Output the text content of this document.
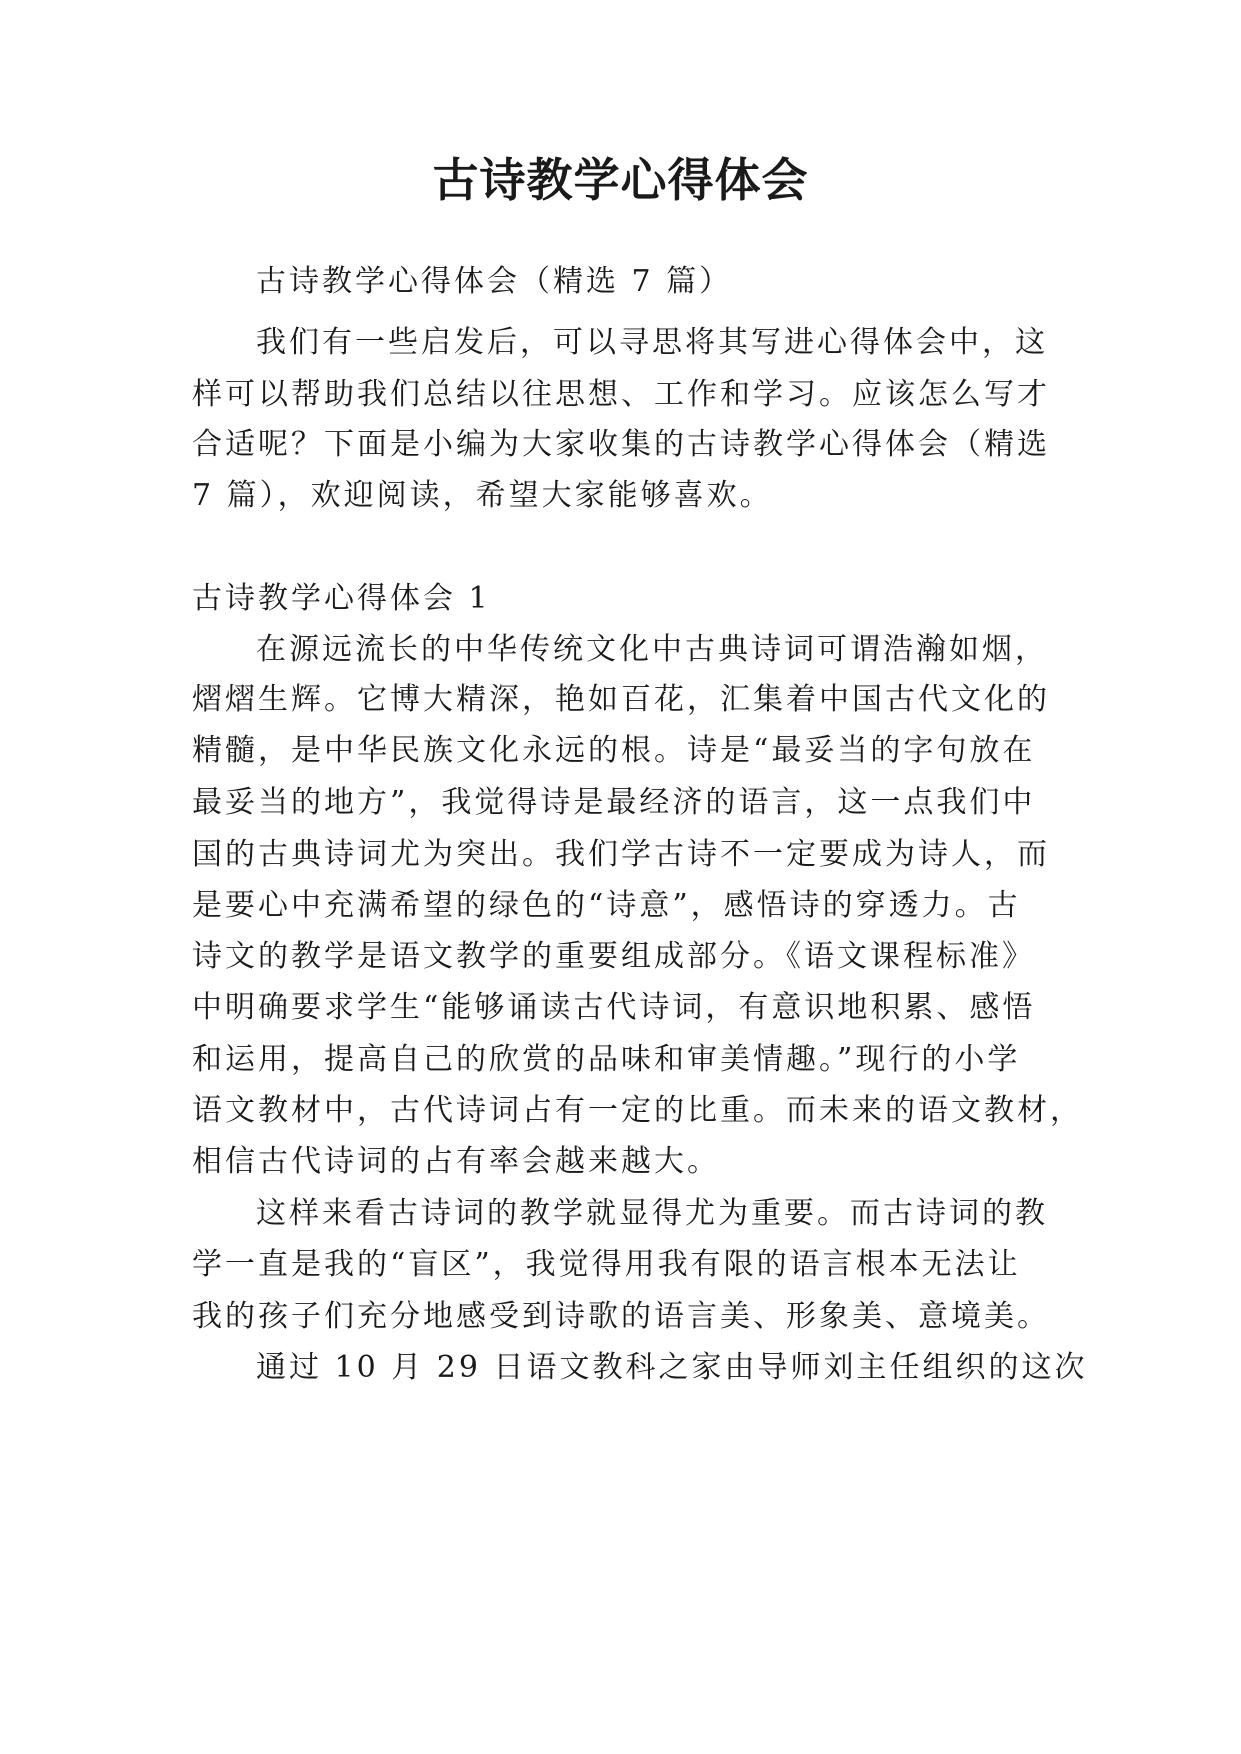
古诗教学心得体会
古诗教学心得体会（精选 7 篇）
我们有一些启发后，可以寻思将其写进心得体会中，这
样可以帮助我们总结以往思想、工作和学习。应该怎么写才
合适呢？下面是小编为大家收集的古诗教学心得体会（精选
7 篇），欢迎阅读，希望大家能够喜欢。
古诗教学心得体会 1
在源远流长的中华传统文化中古典诗词可谓浩瀚如烟，
熠熠生辉。它博大精深，艳如百花，汇集着中国古代文化的
精髓，是中华民族文化永远的根。诗是“最妥当的字句放在
最妥当的地方”，我觉得诗是最经济的语言，这一点我们中
国的古典诗词尤为突出。我们学古诗不一定要成为诗人，而
是要心中充满希望的绿色的“诗意”，感悟诗的穿透力。古
诗文的教学是语文教学的重要组成部分。《语文课程标准》
中明确要求学生“能够诵读古代诗词，有意识地积累、感悟
和运用，提高自己的欣赏的品味和审美情趣。”现行的小学
语文教材中，古代诗词占有一定的比重。而未来的语文教材，
相信古代诗词的占有率会越来越大。
这样来看古诗词的教学就显得尤为重要。而古诗词的教
学一直是我的“盲区”，我觉得用我有限的语言根本无法让
我的孩子们充分地感受到诗歌的语言美、形象美、意境美。
通过 10 月 29 日语文教科之家由导师刘主任组织的这次
